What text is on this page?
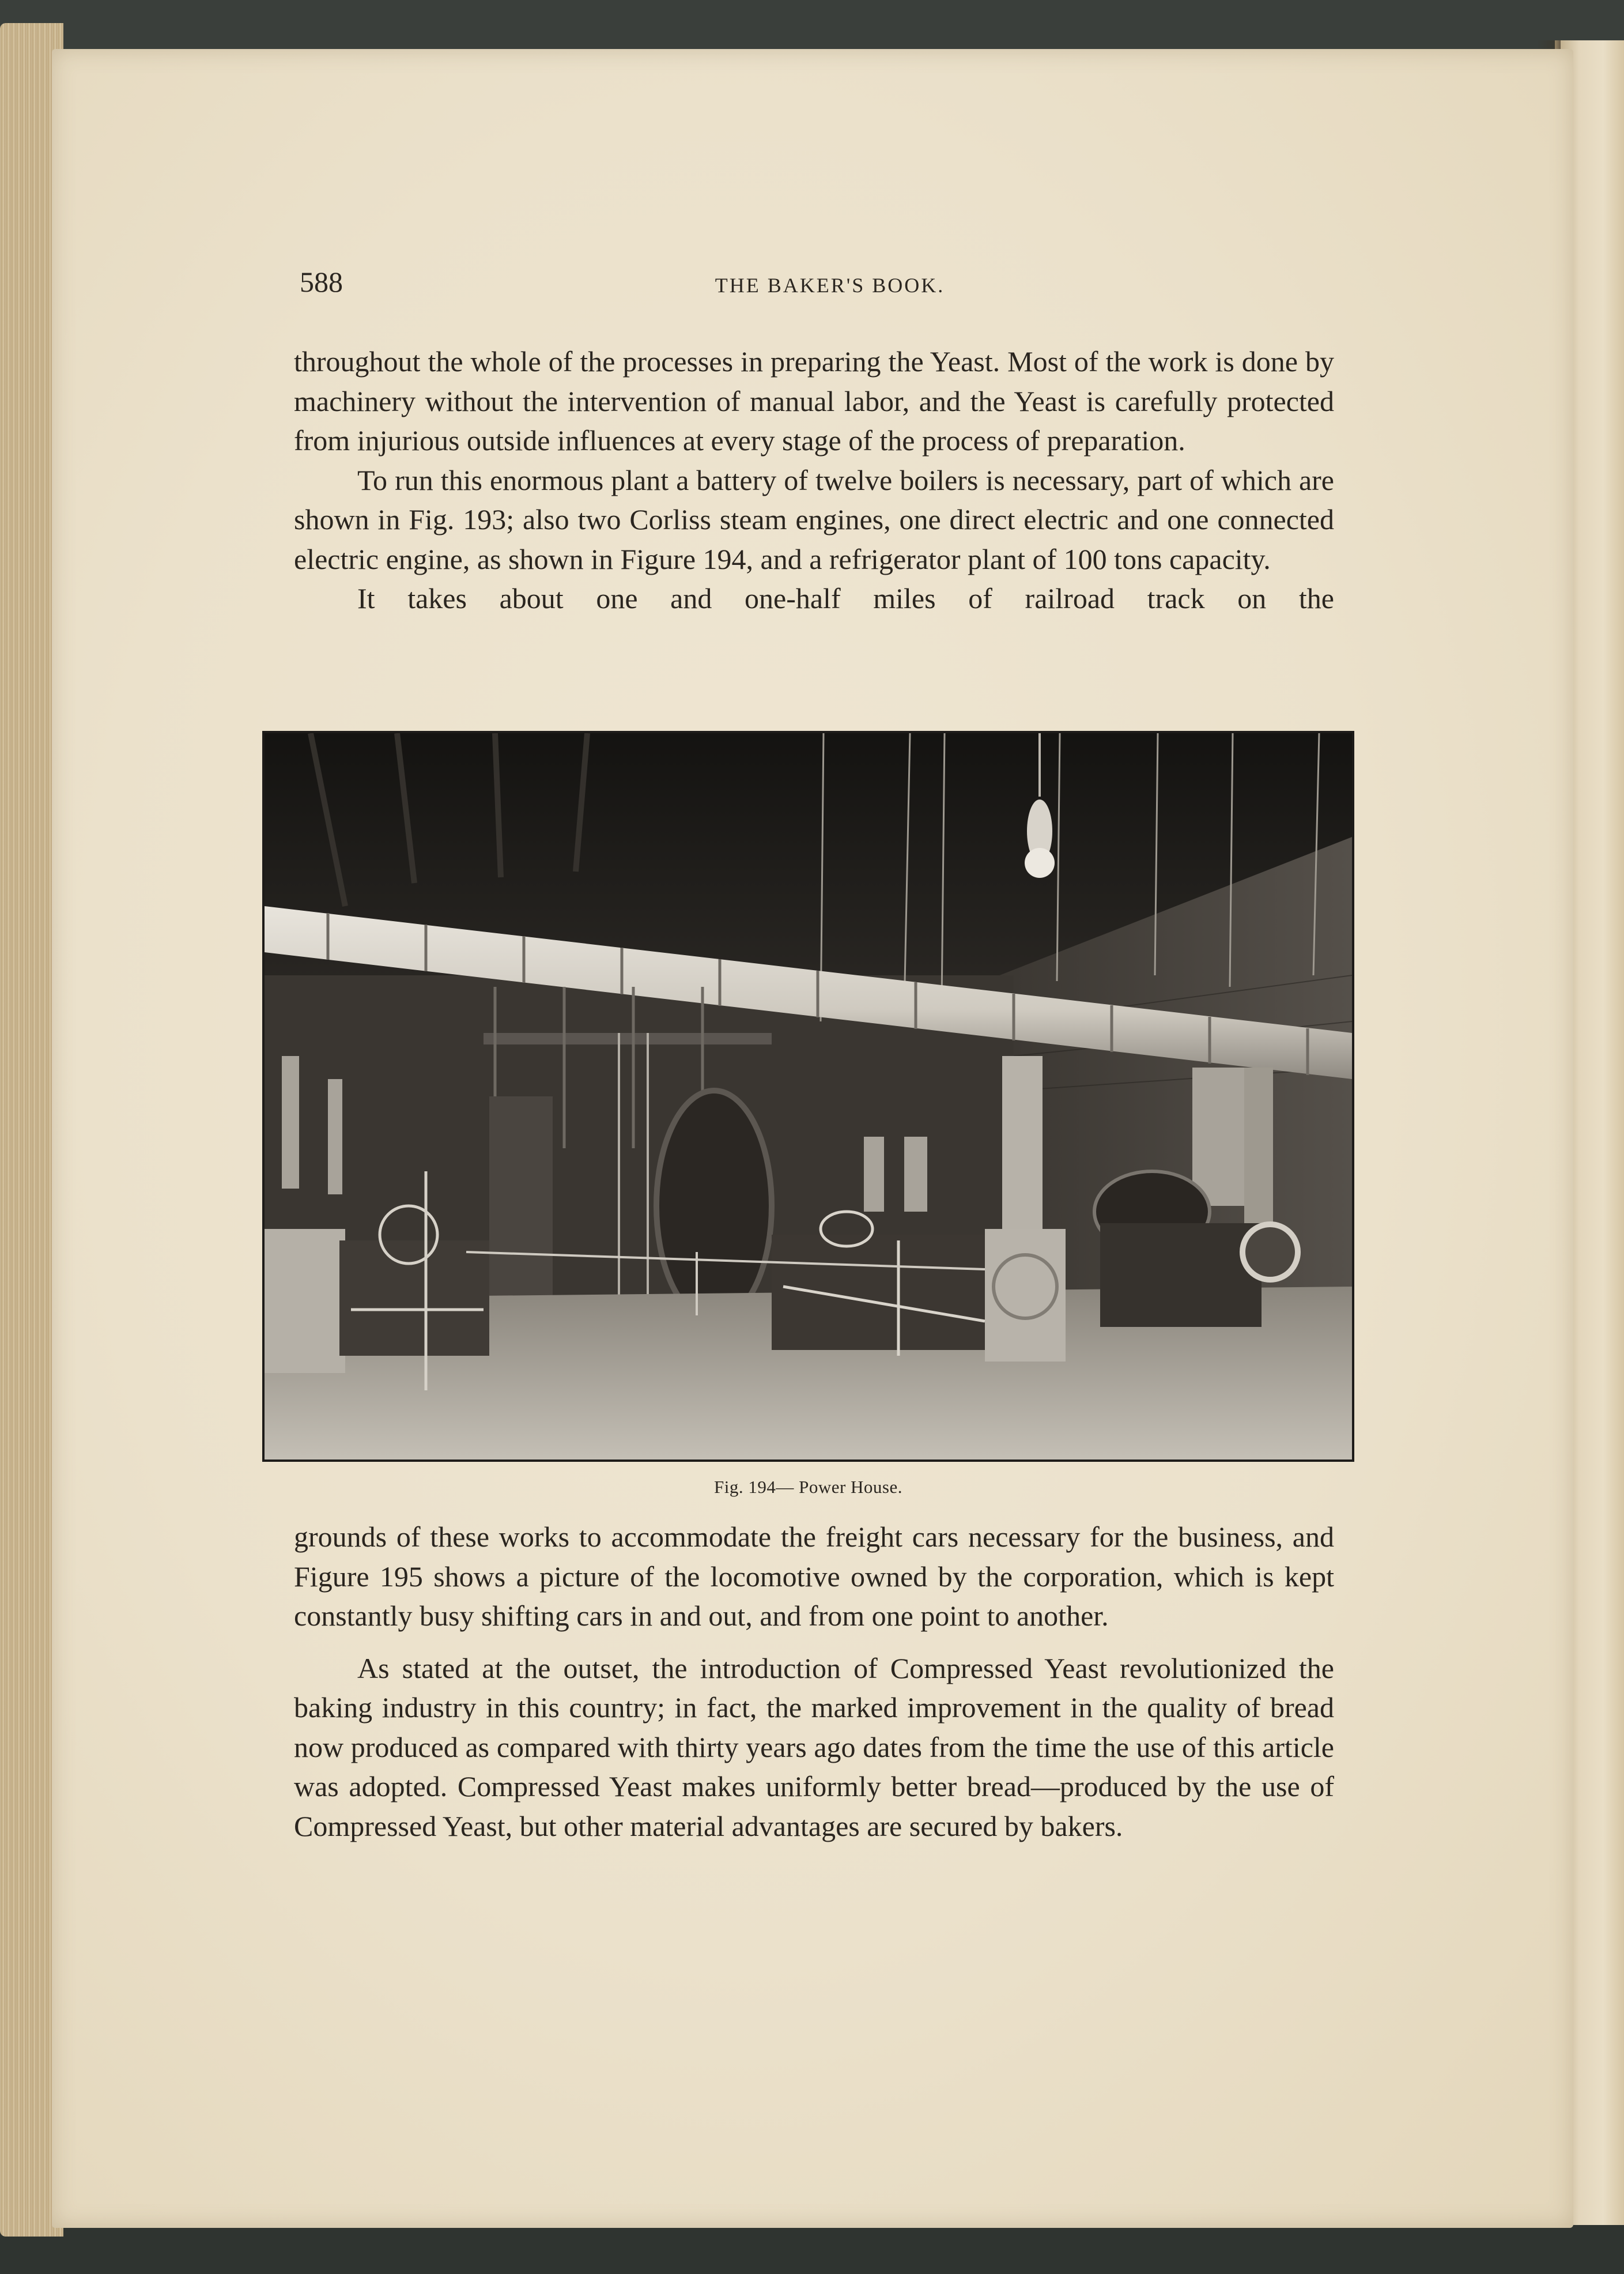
588	THE BAKER'S BOOK.

throughout the whole of the processes in preparing the Yeast. Most of the work is done by machinery without the intervention of manual labor, and the Yeast is carefully protected from injurious outside influences at every stage of the process of preparation.

To run this enormous plant a battery of twelve boilers is necessary, part of which are shown in Fig. 193; also two Corliss steam engines, one direct electric and one connected electric engine, as shown in Figure 194, and a refrigerator plant of 100 tons capacity.

It takes about one and one-half miles of railroad track on the

Fig. 194— Power House.

grounds of these works to accommodate the freight cars necessary for the business, and Figure 195 shows a picture of the locomotive owned by the corporation, which is kept constantly busy shifting cars in and out, and from one point to another.

As stated at the outset, the introduction of Compressed Yeast revolutionized the baking industry in this country; in fact, the marked improvement in the quality of bread now produced as compared with thirty years ago dates from the time the use of this article was adopted. Compressed Yeast makes uniformly better bread—produced by the use of Compressed Yeast, but other material advantages are secured by bakers.
